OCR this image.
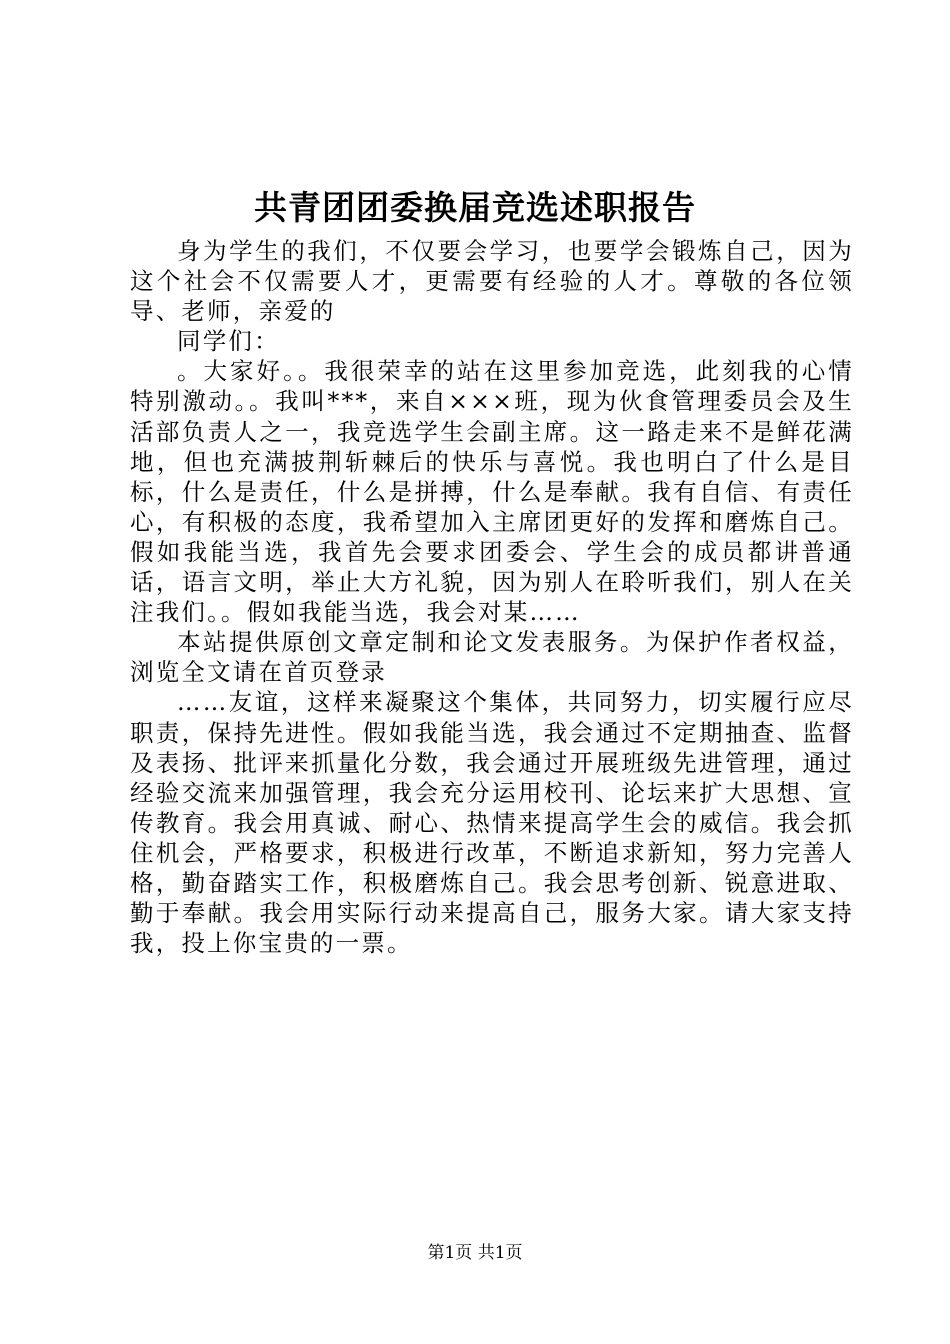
共青团团委换届竞选述职报告

身为学生的我们，不仅要会学习，也要学会锻炼自己，因为这个社会不仅需要人才，更需要有经验的人才。尊敬的各位领导、老师，亲爱的

同学们：

。大家好。。我很荣幸的站在这里参加竞选，此刻我的心情特别激动。。我叫***，来自×××班，现为伙食管理委员会及生活部负责人之一，我竞选学生会副主席。这一路走来不是鲜花满地，但也充满披荆斩棘后的快乐与喜悦。我也明白了什么是目标，什么是责任，什么是拼搏，什么是奉献。我有自信、有责任心，有积极的态度，我希望加入主席团更好的发挥和磨炼自己。假如我能当选，我首先会要求团委会、学生会的成员都讲普通话，语言文明，举止大方礼貌，因为别人在聆听我们，别人在关注我们。。假如我能当选，我会对某……

本站提供原创文章定制和论文发表服务。为保护作者权益，浏览全文请在首页登录

……友谊，这样来凝聚这个集体，共同努力，切实履行应尽职责，保持先进性。假如我能当选，我会通过不定期抽查、监督及表扬、批评来抓量化分数，我会通过开展班级先进管理，通过经验交流来加强管理，我会充分运用校刊、论坛来扩大思想、宣传教育。我会用真诚、耐心、热情来提高学生会的威信。我会抓住机会，严格要求，积极进行改革，不断追求新知，努力完善人格，勤奋踏实工作，积极磨炼自己。我会思考创新、锐意进取、勤于奉献。我会用实际行动来提高自己，服务大家。请大家支持我，投上你宝贵的一票。

第1页 共1页
